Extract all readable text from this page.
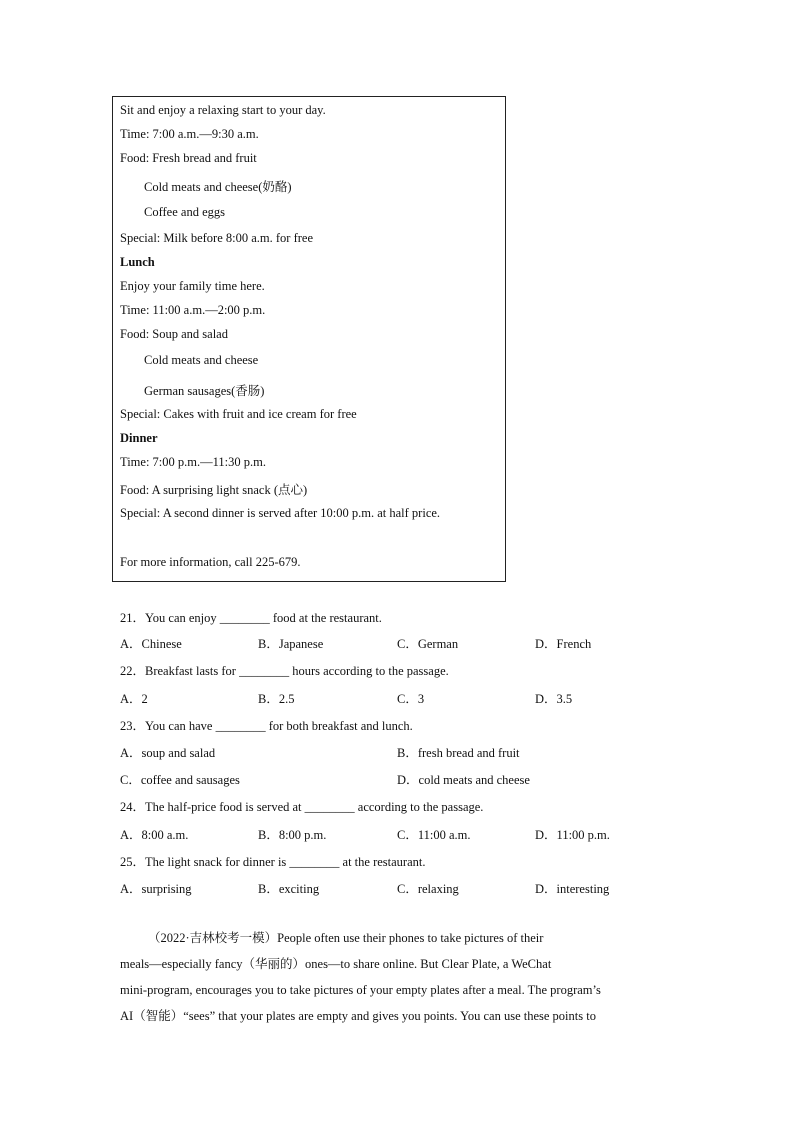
Sit and enjoy a relaxing start to your day.
Time: 7:00 a.m.—9:30 a.m.
Food: Fresh bread and fruit
Cold meats and cheese(奶酪)
Coffee and eggs
Special: Milk before 8:00 a.m. for free
Lunch
Enjoy your family time here.
Time: 11:00 a.m.—2:00 p.m.
Food: Soup and salad
Cold meats and cheese
German sausages(香肠)
Special: Cakes with fruit and ice cream for free
Dinner
Time: 7:00 p.m.—11:30 p.m.
Food: A surprising light snack (点心)
Special: A second dinner is served after 10:00 p.m. at half price.
For more information, call 225-679.
21．You can enjoy ________ food at the restaurant.
A．Chinese	B．Japanese	C．German	D．French
22．Breakfast lasts for ________ hours according to the passage.
A．2	B．2.5	C．3	D．3.5
23．You can have ________ for both breakfast and lunch.
A．soup and salad	B．fresh bread and fruit
C．coffee and sausages	D．cold meats and cheese
24．The half-price food is served at ________ according to the passage.
A．8:00 a.m.	B．8:00 p.m.	C．11:00 a.m.	D．11:00 p.m.
25．The light snack for dinner is ________ at the restaurant.
A．surprising	B．exciting	C．relaxing	D．interesting
（2022·吉林校考一模）People often use their phones to take pictures of their
meals—especially fancy（华丽的）ones—to share online. But Clear Plate, a WeChat
mini-program, encourages you to take pictures of your empty plates after a meal. The program’s
AI（智能）“sees” that your plates are empty and gives you points. You can use these points to
